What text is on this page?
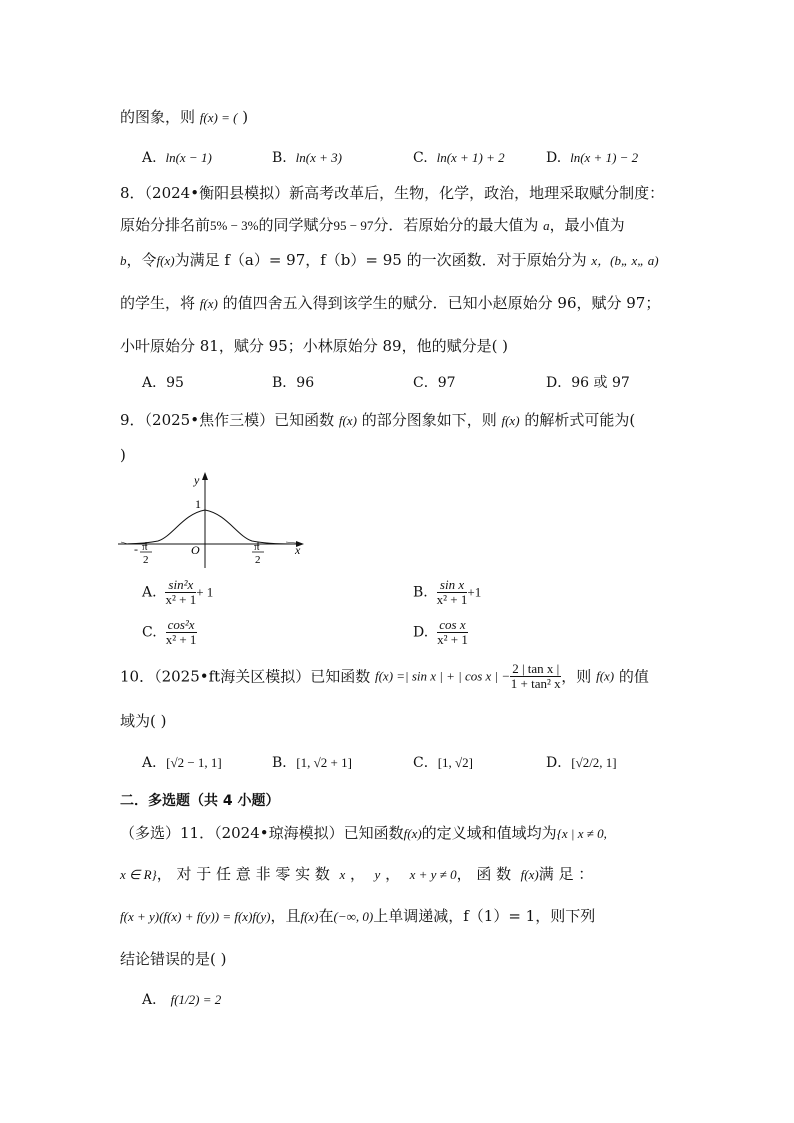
的图象，则 f(x) = ( )
A. ln(x − 1)	B. ln(x + 3)	C. ln(x + 1) + 2	D. ln(x + 1) − 2
8．（2024•衡阳县模拟）新高考改革后，生物，化学，政治，地理采取赋分制度：
原始分排名前5% − 3%的同学赋分95 − 97分．若原始分的最大值为 a，最小值为
b，令f(x)为满足 f（a）= 97，f（b）= 95 的一次函数．对于原始分为 x，(b„ x„ a)
的学生，将 f(x) 的值四舍五入得到该学生的赋分．已知小赵原始分 96，赋分 97；
小叶原始分 81，赋分 95；小林原始分 89，他的赋分是( )
A．95	B．96	C．97	D．96 或 97
9．（2025•焦作三模）已知函数 f(x) 的部分图象如下，则 f(x) 的解析式可能为(
)
y
x
1
O
- π
2
π
2
A. $\frac{\text{sin²x}}{\text{x² + 1}} + 1$	B. $\frac{\text{sin x}}{\text{x² + 1}} +1$
C. $\frac{\text{cos²x}}{\text{x² + 1}}$	D. $\frac{\text{cos x}}{\text{x² + 1}}$
10．（2025•ft海关区模拟）已知函数 f(x) =| sin x | + | cos x | − $\frac{\text{2 | tan x |}}{\text{1 + tan² x}}$ ，则 f(x) 的值
域为( )
A．[√2 − 1, 1]	B．[1, √2 + 1]	C．[1, √2]	D．[√2/2, 1]
二．多选题（共 4 小题）
（多选）11．（2024•琼海模拟）已知函数f(x)的定义域和值域均为{x | x ≠ 0,
x ∈ R}， 对 于 任 意 非 零 实 数 x ，  y ，  x + y ≠ 0， 函 数 f(x)满 足 ：
f(x + y)(f(x) + f(y)) = f(x)f(y)，且f(x)在(−∞, 0)上单调递减，f（1）= 1，则下列
结论错误的是( )
A． f(1/2) = 2
